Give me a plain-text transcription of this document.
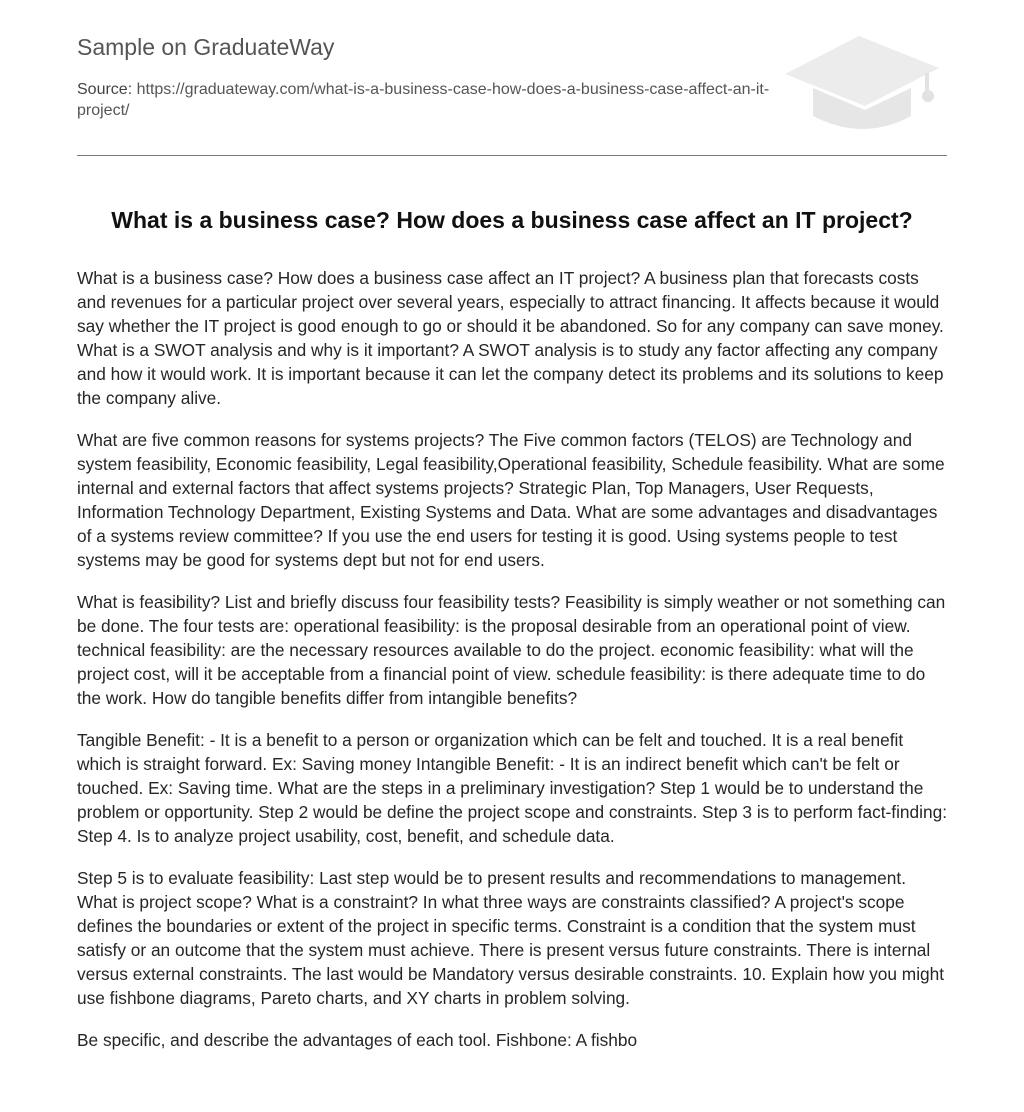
Sample on GraduateWay
Source: https://graduateway.com/what-is-a-business-case-how-does-a-business-case-affect-an-it-project/
What is a business case? How does a business case affect an IT project?

What is a business case? How does a business case affect an IT project? A business plan that forecasts costs and revenues for a particular project over several years, especially to attract financing. It affects because it would say whether the IT project is good enough to go or should it be abandoned. So for any company can save money. What is a SWOT analysis and why is it important? A SWOT analysis is to study any factor affecting any company and how it would work. It is important because it can let the company detect its problems and its solutions to keep the company alive.

What are five common reasons for systems projects? The Five common factors (TELOS) are Technology and system feasibility, Economic feasibility, Legal feasibility,Operational feasibility, Schedule feasibility. What are some internal and external factors that affect systems projects? Strategic Plan, Top Managers, User Requests, Information Technology Department, Existing Systems and Data. What are some advantages and disadvantages of a systems review committee? If you use the end users for testing it is good. Using systems people to test systems may be good for systems dept but not for end users.

What is feasibility? List and briefly discuss four feasibility tests? Feasibility is simply weather or not something can be done. The four tests are: operational feasibility: is the proposal desirable from an operational point of view. technical feasibility: are the necessary resources available to do the project. economic feasibility: what will the project cost, will it be acceptable from a financial point of view. schedule feasibility: is there adequate time to do the work. How do tangible benefits differ from intangible benefits?

Tangible Benefit: - It is a benefit to a person or organization which can be felt and touched. It is a real benefit which is straight forward. Ex: Saving money Intangible Benefit: - It is an indirect benefit which can't be felt or touched. Ex: Saving time. What are the steps in a preliminary investigation? Step 1 would be to understand the problem or opportunity. Step 2 would be define the project scope and constraints. Step 3 is to perform fact-finding: Step 4. Is to analyze project usability, cost, benefit, and schedule data.

Step 5 is to evaluate feasibility: Last step would be to present results and recommendations to management. What is project scope? What is a constraint? In what three ways are constraints classified? A project's scope defines the boundaries or extent of the project in specific terms. Constraint is a condition that the system must satisfy or an outcome that the system must achieve. There is present versus future constraints. There is internal versus external constraints. The last would be Mandatory versus desirable constraints. 10. Explain how you might use fishbone diagrams, Pareto charts, and XY charts in problem solving.

Be specific, and describe the advantages of each tool. Fishbone: A fishbo
